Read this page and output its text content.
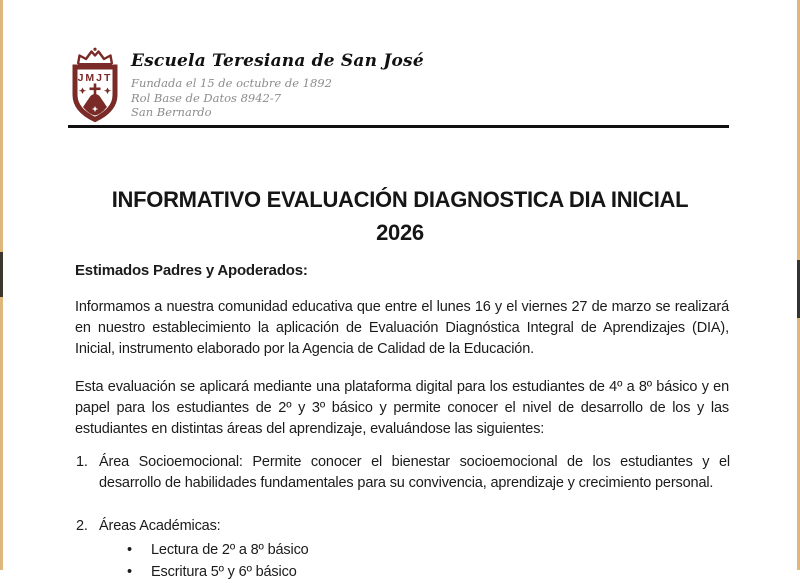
JMJT
Escuela Teresiana de San José
Fundada el 15 de octubre de 1892
Rol Base de Datos 8942-7
San Bernardo
INFORMATIVO EVALUACIÓN DIAGNOSTICA DIA INICIAL
2026
Estimados Padres y Apoderados:

Informamos a nuestra comunidad educativa que entre el lunes 16 y el viernes 27 de marzo se realizará en nuestro establecimiento la aplicación de Evaluación Diagnóstica Integral de Aprendizajes (DIA), Inicial, instrumento elaborado por la Agencia de Calidad de la Educación.

Esta evaluación se aplicará mediante una plataforma digital para los estudiantes de 4º a 8º básico y en papel para los estudiantes de 2º y 3º básico y permite conocer el nivel de desarrollo de los y las estudiantes en distintas áreas del aprendizaje, evaluándose las siguientes:

1. Área Socioemocional: Permite conocer el bienestar socioemocional de los estudiantes y el desarrollo de habilidades fundamentales para su convivencia, aprendizaje y crecimiento personal.
2. Áreas Académicas:
• Lectura de 2º a 8º básico
• Escritura 5º y 6º básico
